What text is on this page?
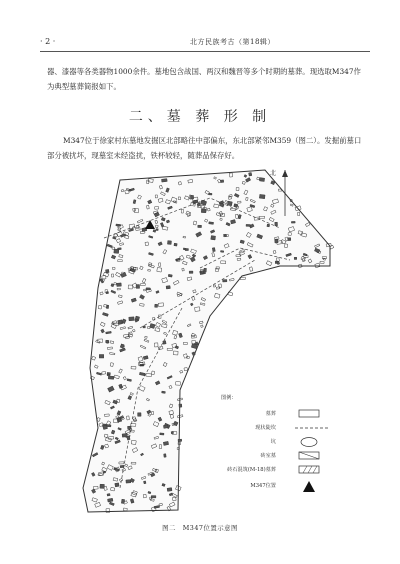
· 2 ·	北方民族考古（第18辑）

器、漆器等各类器物1000余件。墓地包含战国、两汉和魏晋等多个时期的墓葬。现选取M347作为典型墓葬简报如下。

二、墓 葬 形 制

M347位于徐家村东墓地发掘区北部略往中部偏东，东北部紧邻M359（图二）。发掘前墓口部分被扰坏，现墓室未经盗扰，铁杯较轻，随葬品保存好。

北
图例：
墓葬
现状陡坎
坑
砖室墓
砖石混筑(M-18)墓葬
M347位置
图二　M347位置示意图
